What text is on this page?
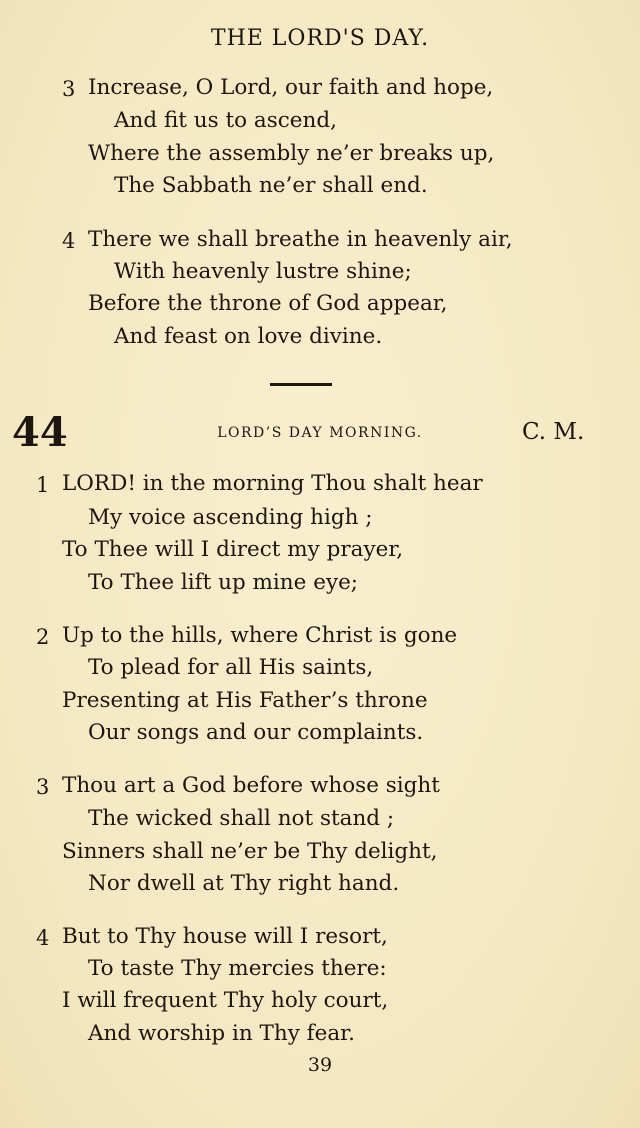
THE LORD'S DAY.
3 Increase, O Lord, our faith and hope,
And fit us to ascend,
Where the assembly ne’er breaks up,
The Sabbath ne’er shall end.
4 There we shall breathe in heavenly air,
With heavenly lustre shine;
Before the throne of God appear,
And feast on love divine.
44	LORD’S DAY MORNING.	C. M.
1 LORD! in the morning Thou shalt hear
My voice ascending high ;
To Thee will I direct my prayer,
To Thee lift up mine eye;
2 Up to the hills, where Christ is gone
To plead for all His saints,
Presenting at His Father’s throne
Our songs and our complaints.
3 Thou art a God before whose sight
The wicked shall not stand ;
Sinners shall ne’er be Thy delight,
Nor dwell at Thy right hand.
4 But to Thy house will I resort,
To taste Thy mercies there:
I will frequent Thy holy court,
And worship in Thy fear.
39
